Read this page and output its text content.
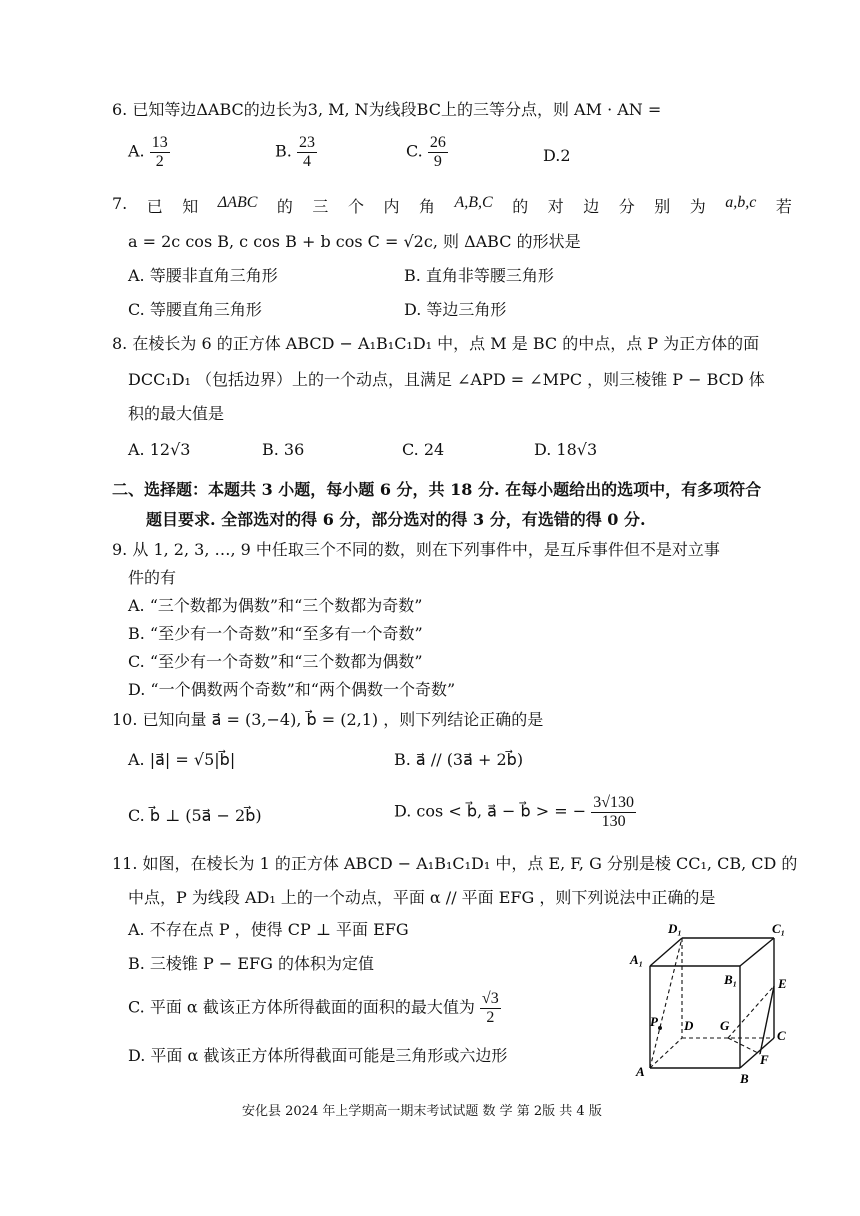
6. 已知等边ΔABC的边长为3, M, N为线段BC上的三等分点，则 AM · AN =
A. $\frac{13}{2}$	B. $\frac{23}{4}$	C. $\frac{26}{9}$	D.2
7. 已 知 ΔABC 的 三 个 内 角 A,B,C 的 对 边 分 别 为 a,b,c 若
a = 2c cos B, c cos B + b cos C = √2c, 则 ΔABC 的形状是
A. 等腰非直角三角形	B. 直角非等腰三角形
C. 等腰直角三角形	D. 等边三角形
8. 在棱长为 6 的正方体 ABCD − A₁B₁C₁D₁ 中，点 M 是 BC 的中点，点 P 为正方体的面
DCC₁D₁ （包括边界）上的一个动点，且满足 ∠APD = ∠MPC ，则三棱锥 P − BCD 体
积的最大值是
A. 12√3	B. 36	C. 24	D. 18√3
二、选择题：本题共 3 小题，每小题 6 分，共 18 分. 在每小题给出的选项中，有多项符合
题目要求. 全部选对的得 6 分，部分选对的得 3 分，有选错的得 0 分.
9. 从 1, 2, 3, …, 9 中任取三个不同的数，则在下列事件中，是互斥事件但不是对立事
件的有
A. “三个数都为偶数”和“三个数都为奇数”
B. “至少有一个奇数”和“至多有一个奇数”
C. “至少有一个奇数”和“三个数都为偶数”
D. “一个偶数两个奇数”和“两个偶数一个奇数”
10. 已知向量 a⃗ = (3,−4), b⃗ = (2,1) ，则下列结论正确的是
A. |a⃗| = √5|b⃗|	B. a⃗ // (3a⃗ + 2b⃗)
C. b⃗ ⊥ (5a⃗ − 2b⃗)	D. cos < b⃗, a⃗ − b⃗ > = − $\frac{3√130}{130}$
11. 如图，在棱长为 1 的正方体 ABCD − A₁B₁C₁D₁ 中，点 E, F, G 分别是棱 CC₁, CB, CD 的
中点，P 为线段 AD₁ 上的一个动点，平面 α // 平面 EFG ，则下列说法中正确的是
A. 不存在点 P ，使得 CP ⊥ 平面 EFG
B. 三棱锥 P − EFG 的体积为定值
C. 平面 α 截该正方体所得截面的面积的最大值为 $\frac{√3}{2}$
D. 平面 α 截该正方体所得截面可能是三角形或六边形
D₁	C₁
A₁
B₁	E
P D G
C
F
A	B
安化县 2024 年上学期高一期末考试试题 数 学 第 2版 共 4 版
